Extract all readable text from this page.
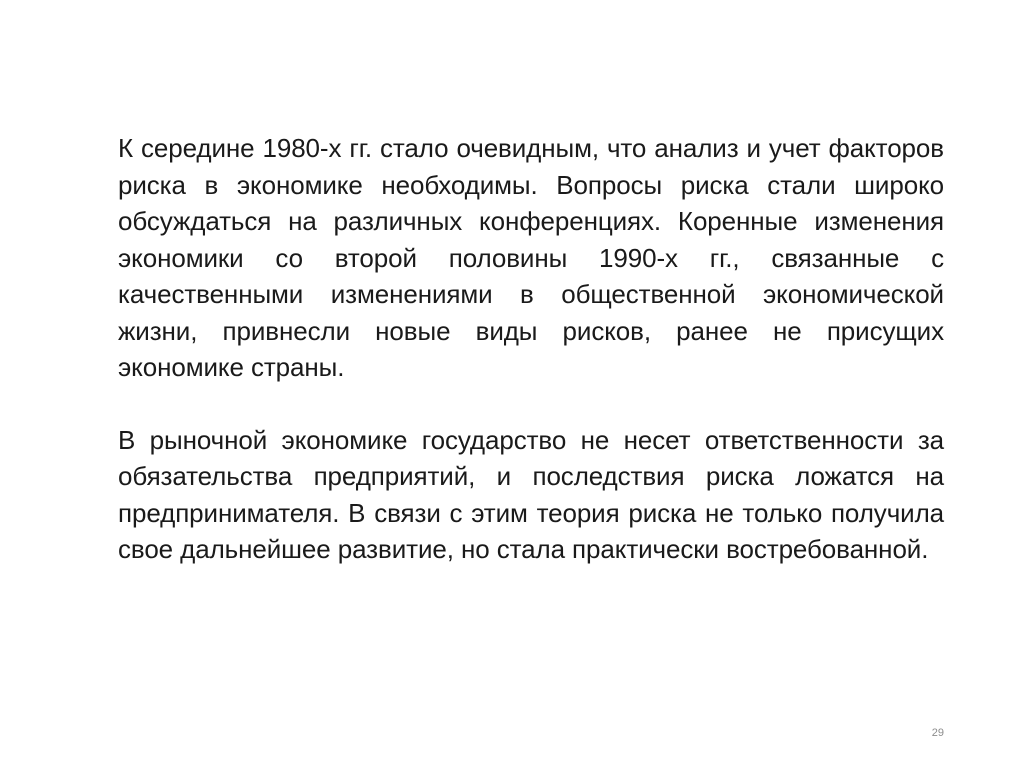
К середине 1980-х гг. стало очевидным, что анализ и учет факторов риска в экономике необходимы. Вопросы риска стали широко обсуждаться на различных конференциях. Коренные изменения экономики со второй половины 1990-х гг., связанные с качественными изменениями в общественной экономической жизни, привнесли новые виды рисков, ранее не присущих экономике страны.

В рыночной экономике государство не несет ответственности за обязательства предприятий, и последствия риска ложатся на предпринимателя. В связи с этим теория риска не только получила свое дальнейшее развитие, но стала практически востребованной.

29
